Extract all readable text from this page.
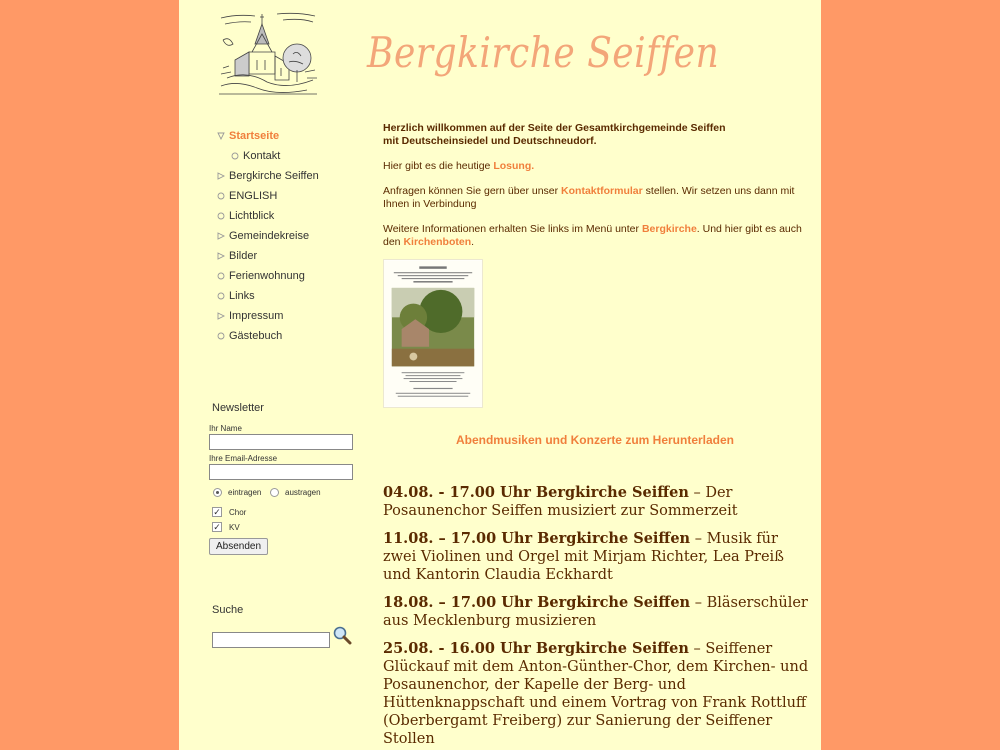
Bergkirche Seiffen
Startseite
Kontakt
Bergkirche Seiffen
ENGLISH
Lichtblick
Gemeindekreise
Bilder
Ferienwohnung
Links
Impressum
Gästebuch
Newsletter
Ihr Name
Ihre Email-Adresse
eintragen	austragen
✓ Chor
✓ KV
Absenden
Suche

Herzlich willkommen auf der Seite der Gesamtkirchgemeinde Seiffen
mit Deutscheinsiedel und Deutschneudorf.

Hier gibt es die heutige Losung.

Anfragen können Sie gern über unser Kontaktformular stellen. Wir setzen uns dann mit Ihnen in Verbindung

Weitere Informationen erhalten Sie links im Menü unter Bergkirche. Und hier gibt es auch den Kirchenboten.

Abendmusiken und Konzerte zum Herunterladen
04.08. - 17.00 Uhr Bergkirche Seiffen – Der Posaunenchor Seiffen musiziert zur Sommerzeit
11.08. – 17.00 Uhr Bergkirche Seiffen – Musik für zwei Violinen und Orgel mit Mirjam Richter, Lea Preiß und Kantorin Claudia Eckhardt
18.08. – 17.00 Uhr Bergkirche Seiffen – Bläserschüler aus Mecklenburg musizieren
25.08. - 16.00 Uhr Bergkirche Seiffen – Seiffener Glückauf mit dem Anton-Günther-Chor, dem Kirchen- und Posaunenchor, der Kapelle der Berg- und Hüttenknappschaft und einem Vortrag von Frank Rottluff (Oberbergamt Freiberg) zur Sanierung der Seiffener Stollen
